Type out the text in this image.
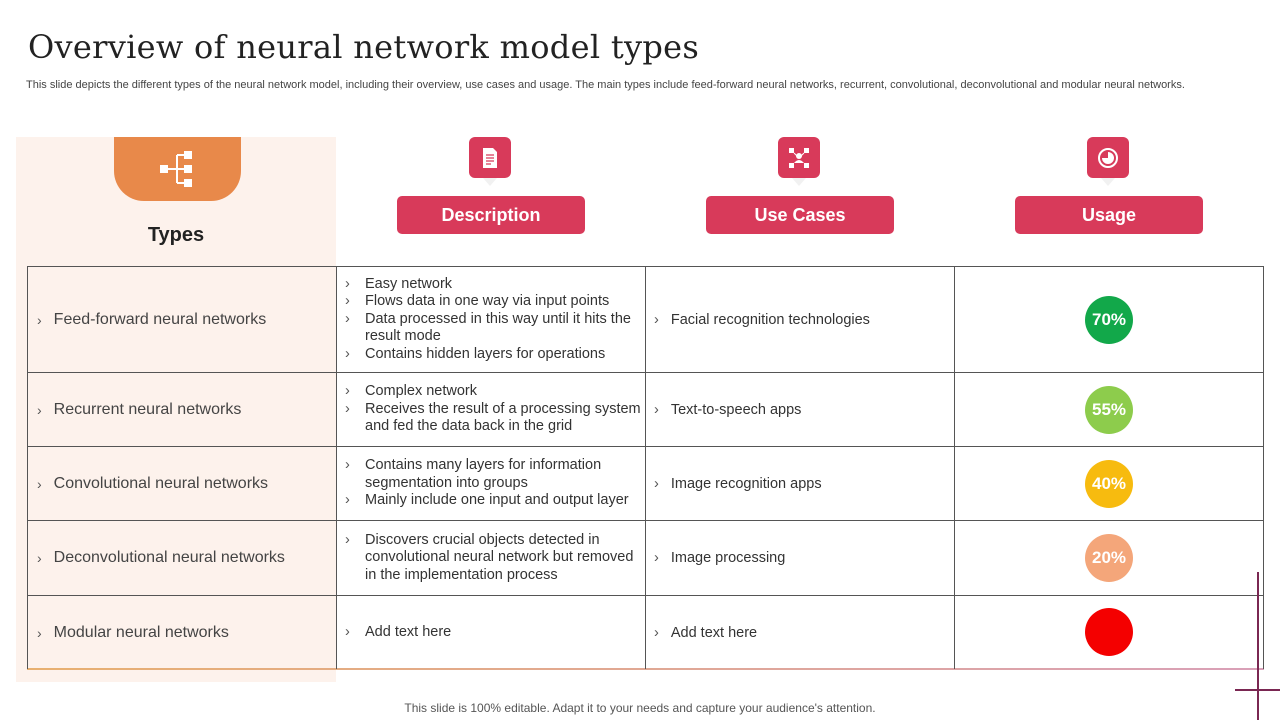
Overview of neural network model types
This slide depicts the different types of the neural network model, including their overview, use cases and usage. The main types include feed-forward neural networks, recurrent, convolutional, deconvolutional and modular neural networks.
Types
Description	Use Cases	Usage
› Feed-forward neural networks
› Easy network
› Flows data in one way via input points
› Data processed in this way until it hits the result mode
› Contains hidden layers for operations
› Facial recognition technologies	70%
› Recurrent neural networks
› Complex network
› Receives the result of a processing system and fed the data back in the grid
› Text-to-speech apps	55%
› Convolutional neural networks
› Contains many layers for information segmentation into groups
› Mainly include one input and output layer
› Image recognition apps	40%
› Deconvolutional neural networks
› Discovers crucial objects detected in convolutional neural network but removed in the implementation process
› Image processing	20%
› Modular neural networks
›	Add text here	› Add text here
This slide is 100% editable. Adapt it to your needs and capture your audience's attention.
